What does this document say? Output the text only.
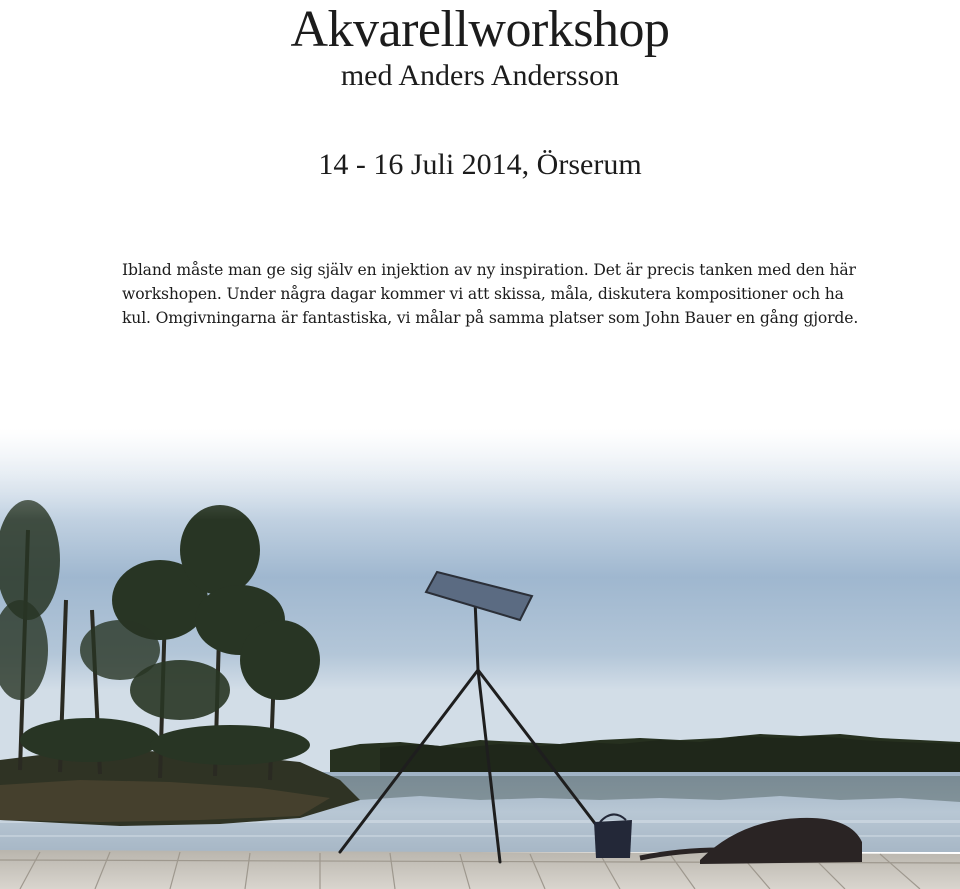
Akvarellworkshop
med Anders Andersson
14 - 16 Juli 2014, Örserum

Ibland måste man ge sig själv en injektion av ny inspiration. Det är precis tanken med den här workshopen. Under några dagar kommer vi att skissa, måla, diskutera kompositioner och ha kul. Omgivningarna är fantastiska, vi målar på samma platser som John Bauer en gång gjorde.
